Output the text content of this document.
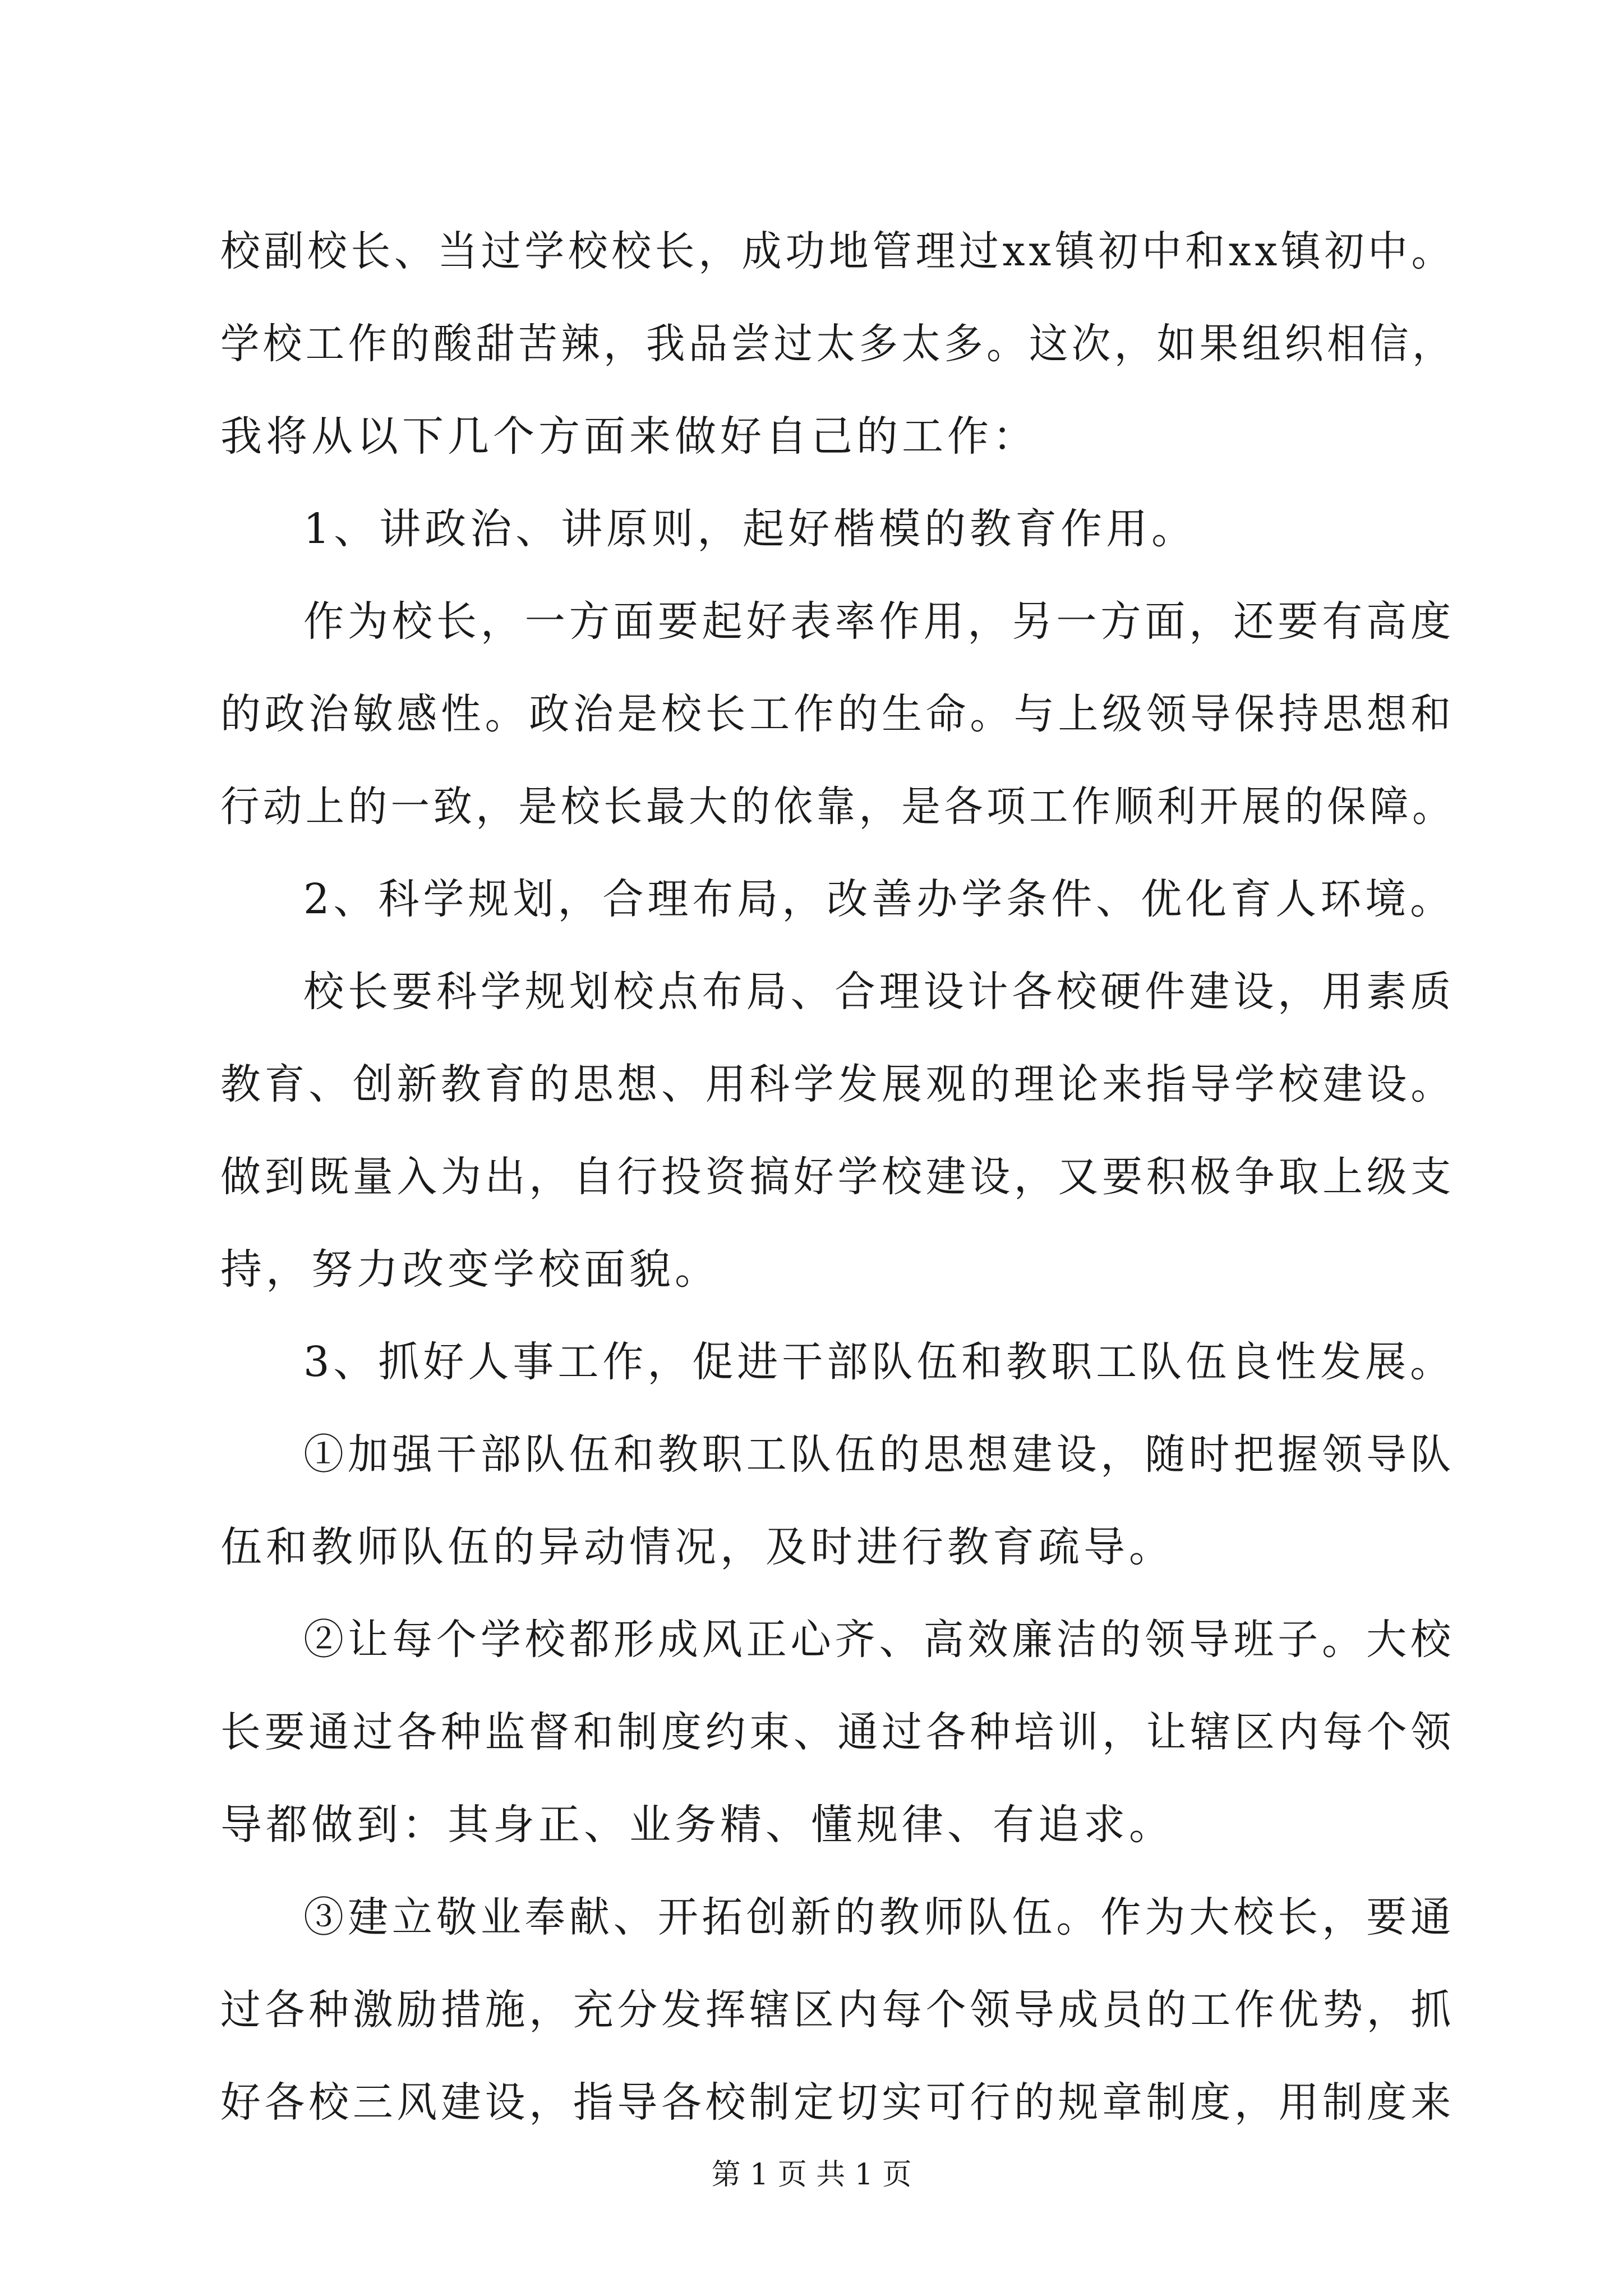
校副校长、当过学校校长，成功地管理过xx镇初中和xx镇初中。
学校工作的酸甜苦辣，我品尝过太多太多。这次，如果组织相信，
我将从以下几个方面来做好自己的工作：
1、讲政治、讲原则，起好楷模的教育作用。
作为校长，一方面要起好表率作用，另一方面，还要有高度
的政治敏感性。政治是校长工作的生命。与上级领导保持思想和
行动上的一致，是校长最大的依靠，是各项工作顺利开展的保障。
2、科学规划，合理布局，改善办学条件、优化育人环境。
校长要科学规划校点布局、合理设计各校硬件建设，用素质
教育、创新教育的思想、用科学发展观的理论来指导学校建设。
做到既量入为出，自行投资搞好学校建设，又要积极争取上级支
持，努力改变学校面貌。
3、抓好人事工作，促进干部队伍和教职工队伍良性发展。
①加强干部队伍和教职工队伍的思想建设，随时把握领导队
伍和教师队伍的异动情况，及时进行教育疏导。
②让每个学校都形成风正心齐、高效廉洁的领导班子。大校
长要通过各种监督和制度约束、通过各种培训，让辖区内每个领
导都做到：其身正、业务精、懂规律、有追求。
③建立敬业奉献、开拓创新的教师队伍。作为大校长，要通
过各种激励措施，充分发挥辖区内每个领导成员的工作优势，抓
好各校三风建设，指导各校制定切实可行的规章制度，用制度来
第 1 页 共 1 页
